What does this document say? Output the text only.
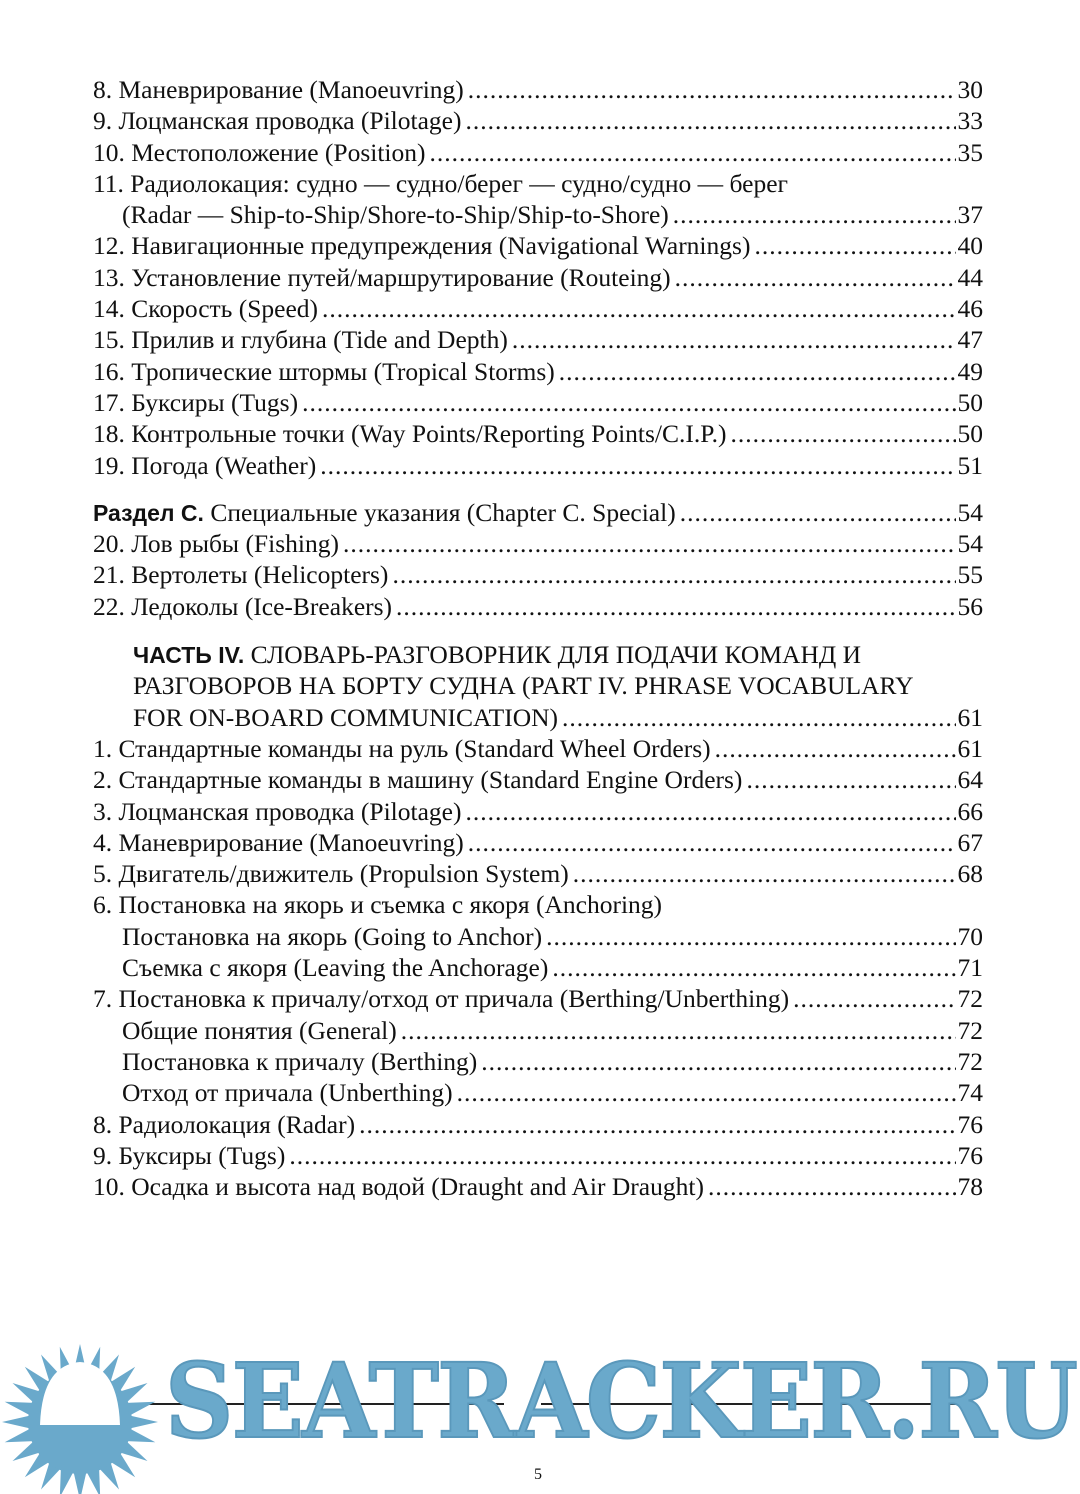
8. Маневрирование (Manoeuvring) .....	30
9. Лоцманская проводка (Pilotage) .....	33
10. Местоположение (Position) .....	35
11. Радиолокация: судно — судно/берег — судно/судно — берег
(Radar — Ship-to-Ship/Shore-to-Ship/Ship-to-Shore) .....	37
12. Навигационные предупреждения (Navigational Warnings) .....	40
13. Установление путей/маршрутирование (Routeing) .....	44
14. Скорость (Speed) .....	46
15. Прилив и глубина (Tide and Depth) .....	47
16. Тропические штормы (Tropical Storms) .....	49
17. Буксиры (Tugs) .....	50
18. Контрольные точки (Way Points/Reporting Points/C.I.P.) .....	50
19. Погода (Weather) .....	51
Раздел С. Специальные указания (Chapter C. Special) .....	54
20. Лов рыбы (Fishing) .....	54
21. Вертолеты (Helicopters) .....	55
22. Ледоколы (Ice-Breakers) .....	56
ЧАСТЬ IV. СЛОВАРЬ-РАЗГОВОРНИК ДЛЯ ПОДАЧИ КОМАНД И
РАЗГОВОРОВ НА БОРТУ СУДНА (PART IV. PHRASE VOCABULARY
FOR ON-BOARD COMMUNICATION) .....	61
1. Стандартные команды на руль (Standard Wheel Orders) .....	61
2. Стандартные команды в машину (Standard Engine Orders) .....	64
3. Лоцманская проводка (Pilotage) .....	66
4. Маневрирование (Manoeuvring) .....	67
5. Двигатель/движитель (Propulsion System) .....	68
6. Постановка на якорь и съемка с якоря (Anchoring)
Постановка на якорь (Going to Anchor) .....	70
Съемка с якоря (Leaving the Anchorage) .....	71
7. Постановка к причалу/отход от причала (Berthing/Unberthing) .....	72
Общие понятия (General) .....	72
Постановка к причалу (Berthing) .....	72
Отход от причала (Unberthing) .....	74
8. Радиолокация (Radar) .....	76
9. Буксиры (Tugs) .....	76
10. Осадка и высота над водой (Draught and Air Draught) .....	78
SEATRACKER.RU
5
